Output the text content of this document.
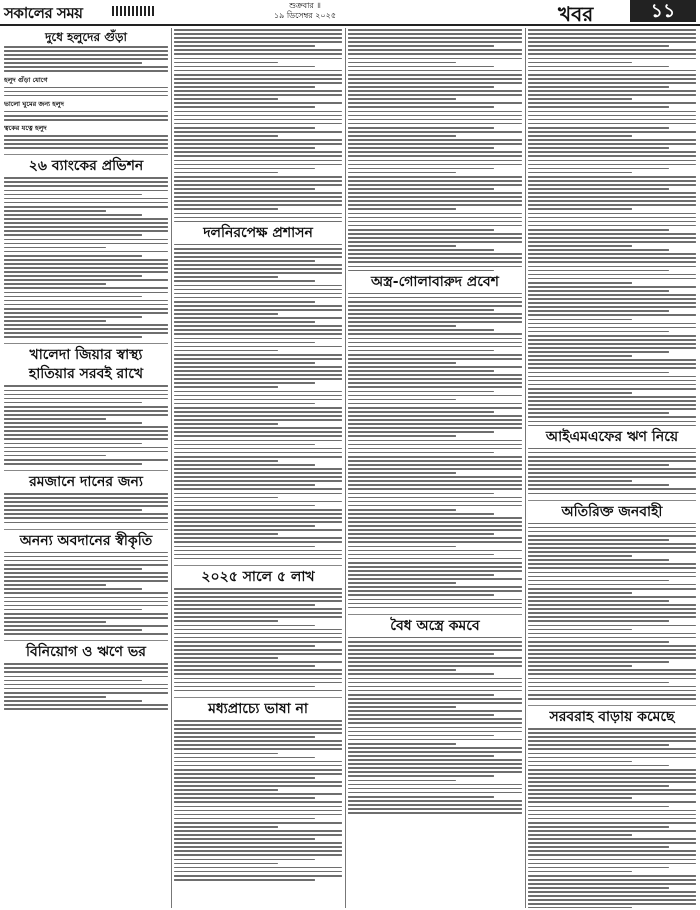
সকালের সময়	শুক্রবার ॥
১৯ ডিসেম্বর ২০২৫	খবর	১১
দুধে হলুদের গুঁড়া
হলুদ গুঁড়া যোগে
ভালো ঘুমের জন্য হলুদ
ত্বকের যত্নে হলুদ
২৬ ব্যাংকের প্রভিশন
খালেদা জিয়ার স্বাস্থ্য
হাতিয়ার সরবই রাখে
রমজানে দানের জন্য
অনন্য অবদানের স্বীকৃতি
বিনিয়োগ ও ঋণে ভর
দলনিরপেক্ষ প্রশাসন
২০২৫ সালে ৫ লাখ
মধ্যপ্রাচ্যে ভাষা না
অস্ত্র-গোলাবারুদ প্রবেশ
বৈধ অস্ত্রে কমবে
আইএমএফের ঋণ নিয়ে
অতিরিক্ত জনবাহী
সরবরাহ বাড়ায় কমেছে
